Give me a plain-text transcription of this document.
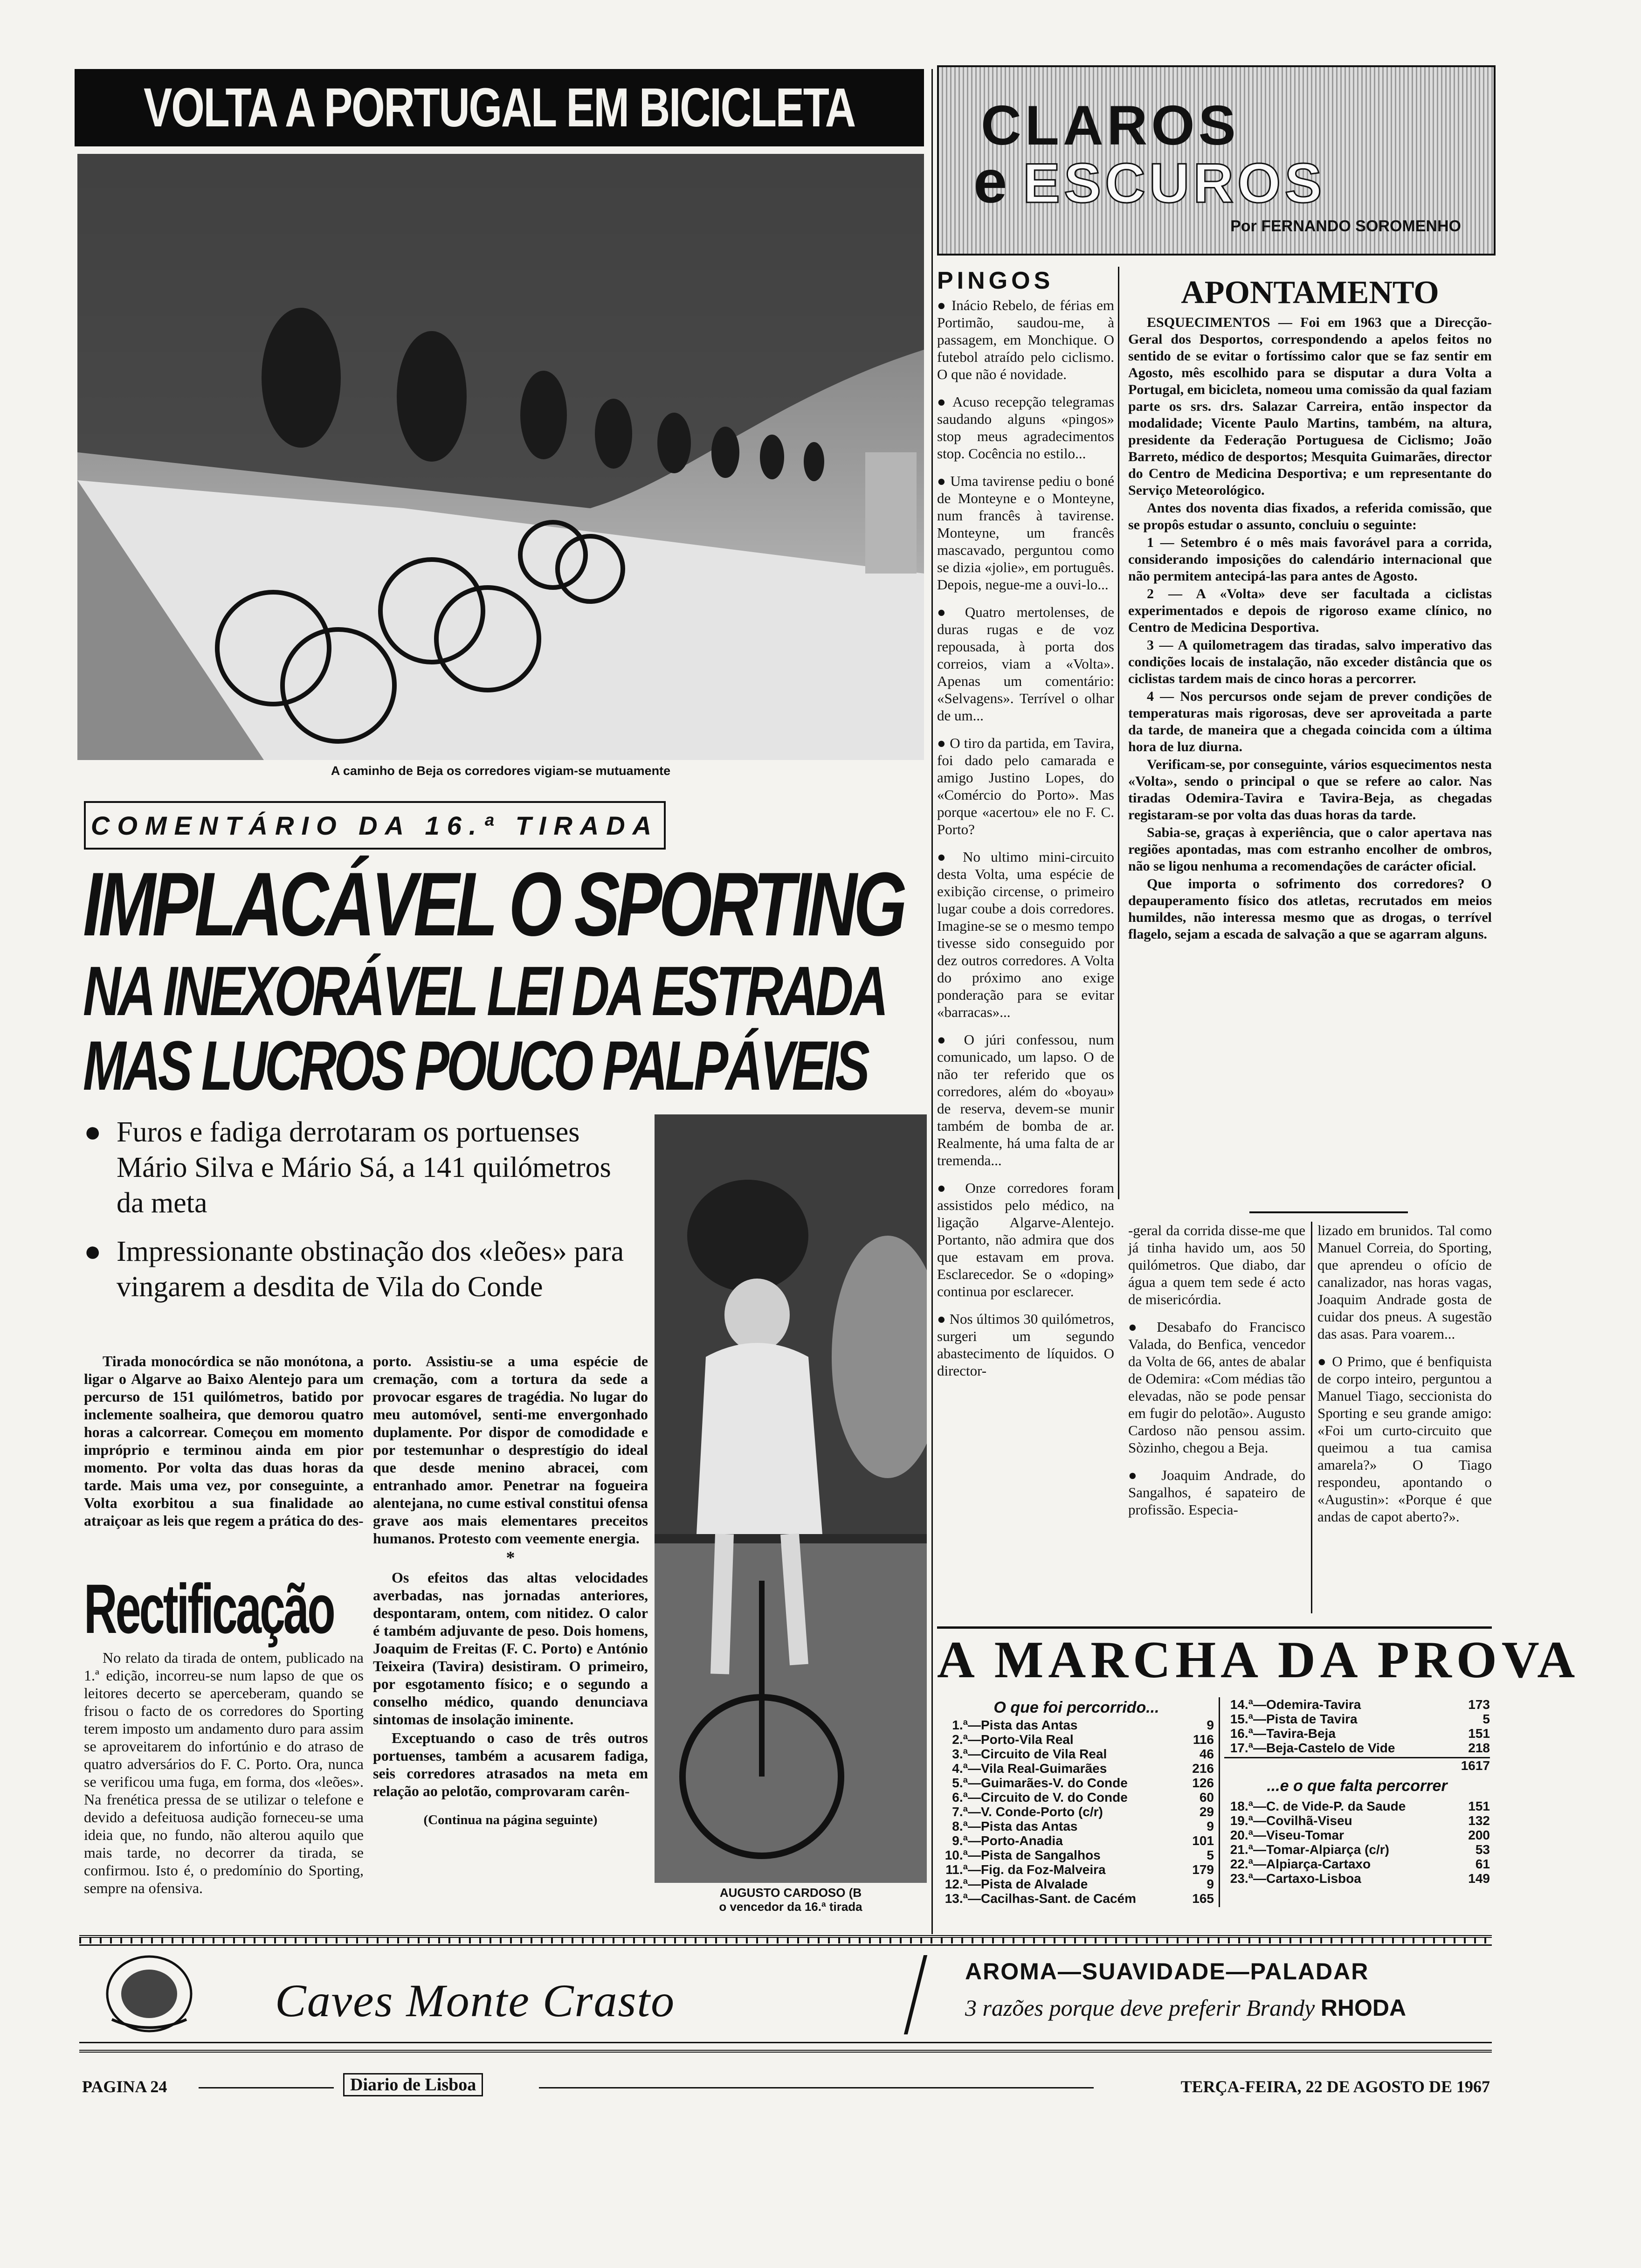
VOLTA A PORTUGAL EM BICICLETA
A caminho de Beja os corredores vigiam-se mutuamente
COMENTÁRIO DA 16.ª TIRADA
IMPLACÁVEL O SPORTING
NA INEXORÁVEL LEI DA ESTRADA
MAS LUCROS POUCO PALPÁVEIS
● Furos e fadiga derrotaram os portuenses Mário Silva e Mário Sá, a 141 quilómetros da meta
● Impressionante obstinação dos «leões» para vingarem a desdita de Vila do Conde
AUGUSTO CARDOSO (B
o vencedor da 16.ª tirada

Tirada monocórdica se não monótona, a ligar o Algarve ao Baixo Alentejo para um percurso de 151 quilómetros, batido por inclemente soalheira, que demorou quatro horas a calcorrear. Começou em momento impróprio e terminou ainda em pior momento. Por volta das duas horas da tarde. Mais uma vez, por conseguinte, a Volta exorbitou a sua finalidade ao atraiçoar as leis que regem a prática do des-

Rectificação

No relato da tirada de ontem, publicado na 1.ª edição, incorreu-se num lapso de que os leitores decerto se aperceberam, quando se frisou o facto de os corredores do Sporting terem imposto um andamento duro para assim se aproveitarem do infortúnio e do atraso de quatro adversários do F. C. Porto. Ora, nunca se verificou uma fuga, em forma, dos «leões». Na frenética pressa de se utilizar o telefone e devido a defeituosa audição forneceu-se uma ideia que, no fundo, não alterou aquilo que mais tarde, no decorrer da tirada, se confirmou. Isto é, o predomínio do Sporting, sempre na ofensiva.

porto. Assistiu-se a uma espécie de cremação, com a tortura da sede a provocar esgares de tragédia. No lugar do meu automóvel, senti-me envergonhado duplamente. Por dispor de comodidade e por testemunhar o desprestígio do ideal que desde menino abracei, com entranhado amor. Penetrar na fogueira alentejana, no cume estival constitui ofensa grave aos mais elementares preceitos humanos. Protesto com veemente energia.

*

Os efeitos das altas velocidades averbadas, nas jornadas anteriores, despontaram, ontem, com nitidez. O calor é também adjuvante de peso. Dois homens, Joaquim de Freitas (F. C. Porto) e António Teixeira (Tavira) desistiram. O primeiro, por esgotamento físico; e o segundo a conselho médico, quando denunciava sintomas de insolação iminente.

Exceptuando o caso de três outros portuenses, também a acusarem fadiga, seis corredores atrasados na meta em relação ao pelotão, comprovaram carên-

(Continua na página seguinte)
CLAROS
e ESCUROS
Por FERNANDO SOROMENHO
PINGOS

● Inácio Rebelo, de férias em Portimão, saudou-me, à passagem, em Monchique. O futebol atraído pelo ciclismo. O que não é novidade.

● Acuso recepção telegramas saudando alguns «pingos» stop meus agradecimentos stop. Cocência no estilo...

● Uma tavirense pediu o boné de Monteyne e o Monteyne, num francês à tavirense. Monteyne, um francês mascavado, perguntou como se dizia «jolie», em português. Depois, negue-me a ouvi-lo...

● Quatro mertolenses, de duras rugas e de voz repousada, à porta dos correios, viam a «Volta». Apenas um comentário: «Selvagens». Terrível o olhar de um...

● O tiro da partida, em Tavira, foi dado pelo camarada e amigo Justino Lopes, do «Comércio do Porto». Mas porque «acertou» ele no F. C. Porto?

● No ultimo mini-circuito desta Volta, uma espécie de exibição circense, o primeiro lugar coube a dois corredores. Imagine-se se o mesmo tempo tivesse sido conseguido por dez outros corredores. A Volta do próximo ano exige ponderação para se evitar «barracas»...

● O júri confessou, num comunicado, um lapso. O de não ter referido que os corredores, além do «boyau» de reserva, devem-se munir também de bomba de ar. Realmente, há uma falta de ar tremenda...

● Onze corredores foram assistidos pelo médico, na ligação Algarve-Alentejo. Portanto, não admira que dos que estavam em prova. Esclarecedor. Se o «doping» continua por esclarecer.

● Nos últimos 30 quilómetros, surgeri um segundo abastecimento de líquidos. O director-

APONTAMENTO

ESQUECIMENTOS — Foi em 1963 que a Direcção-Geral dos Desportos, correspondendo a apelos feitos no sentido de se evitar o fortíssimo calor que se faz sentir em Agosto, mês escolhido para se disputar a dura Volta a Portugal, em bicicleta, nomeou uma comissão da qual faziam parte os srs. drs. Salazar Carreira, então inspector da modalidade; Vicente Paulo Martins, também, na altura, presidente da Federação Portuguesa de Ciclismo; João Barreto, médico de desportos; Mesquita Guimarães, director do Centro de Medicina Desportiva; e um representante do Serviço Meteorológico.

Antes dos noventa dias fixados, a referida comissão, que se propôs estudar o assunto, concluiu o seguinte:

1 — Setembro é o mês mais favorável para a corrida, considerando imposições do calendário internacional que não permitem antecipá-las para antes de Agosto.

2 — A «Volta» deve ser facultada a ciclistas experimentados e depois de rigoroso exame clínico, no Centro de Medicina Desportiva.

3 — A quilometragem das tiradas, salvo imperativo das condições locais de instalação, não exceder distância que os ciclistas tardem mais de cinco horas a percorrer.

4 — Nos percursos onde sejam de prever condições de temperaturas mais rigorosas, deve ser aproveitada a parte da tarde, de maneira que a chegada coincida com a última hora de luz diurna.

Verificam-se, por conseguinte, vários esquecimentos nesta «Volta», sendo o principal o que se refere ao calor. Nas tiradas Odemira-Tavira e Tavira-Beja, as chegadas registaram-se por volta das duas horas da tarde.

Sabia-se, graças à experiência, que o calor apertava nas regiões apontadas, mas com estranho encolher de ombros, não se ligou nenhuma a recomendações de carácter oficial.

Que importa o sofrimento dos corredores? O depauperamento físico dos atletas, recrutados em meios humildes, não interessa mesmo que as drogas, o terrível flagelo, sejam a escada de salvação a que se agarram alguns.

-geral da corrida disse-me que já tinha havido um, aos 50 quilómetros. Que diabo, dar água a quem tem sede é acto de misericórdia.

● Desabafo do Francisco Valada, do Benfica, vencedor da Volta de 66, antes de abalar de Odemira: «Com médias tão elevadas, não se pode pensar em fugir do pelotão». Augusto Cardoso não pensou assim. Sòzinho, chegou a Beja.

● Joaquim Andrade, do Sangalhos, é sapateiro de profissão. Especia-

lizado em brunidos. Tal como Manuel Correia, do Sporting, que aprendeu o ofício de canalizador, nas horas vagas, Joaquim Andrade gosta de cuidar dos pneus. A sugestão das asas. Para voarem...

● O Primo, que é benfiquista de corpo inteiro, perguntou a Manuel Tiago, seccionista do Sporting e seu grande amigo: «Foi um curto-circuito que queimou a tua camisa amarela?» O Tiago respondeu, apontando o «Augustin»: «Porque é que andas de capot aberto?».

A MARCHA DA PROVA
O que foi percorrido...
1.ª — Pista das Antas	9
2.ª — Porto-Vila Real	116
3.ª — Circuito de Vila Real	46
4.ª — Vila Real-Guimarães	216
5.ª — Guimarães-V. do Conde	126
6.ª — Circuito de V. do Conde	60
7.ª — V. Conde-Porto (c/r)	29
8.ª — Pista das Antas	9
9.ª — Porto-Anadia	101
10.ª — Pista de Sangalhos	5
11.ª — Fig. da Foz-Malveira	179
12.ª — Pista de Alvalade	9
13.ª — Cacilhas-Sant. de Cacém	165
14.ª — Odemira-Tavira	173
15.ª — Pista de Tavira	5
16.ª — Tavira-Beja	151
17.ª — Beja-Castelo de Vide	218
1617
...e o que falta percorrer
18.ª — C. de Vide-P. da Saude	151
19.ª — Covilhã-Viseu	132
20.ª — Viseu-Tomar	200
21.ª — Tomar-Alpiarça (c/r)	53
22.ª — Alpiarça-Cartaxo	61
23.ª — Cartaxo-Lisboa	149
Caves Monte Crasto
AROMA—SUAVIDADE—PALADAR
3 razões porque deve preferir Brandy RHODA
PAGINA 24	Diario de Lisboa	TERÇA-FEIRA, 22 DE AGOSTO DE 1967
